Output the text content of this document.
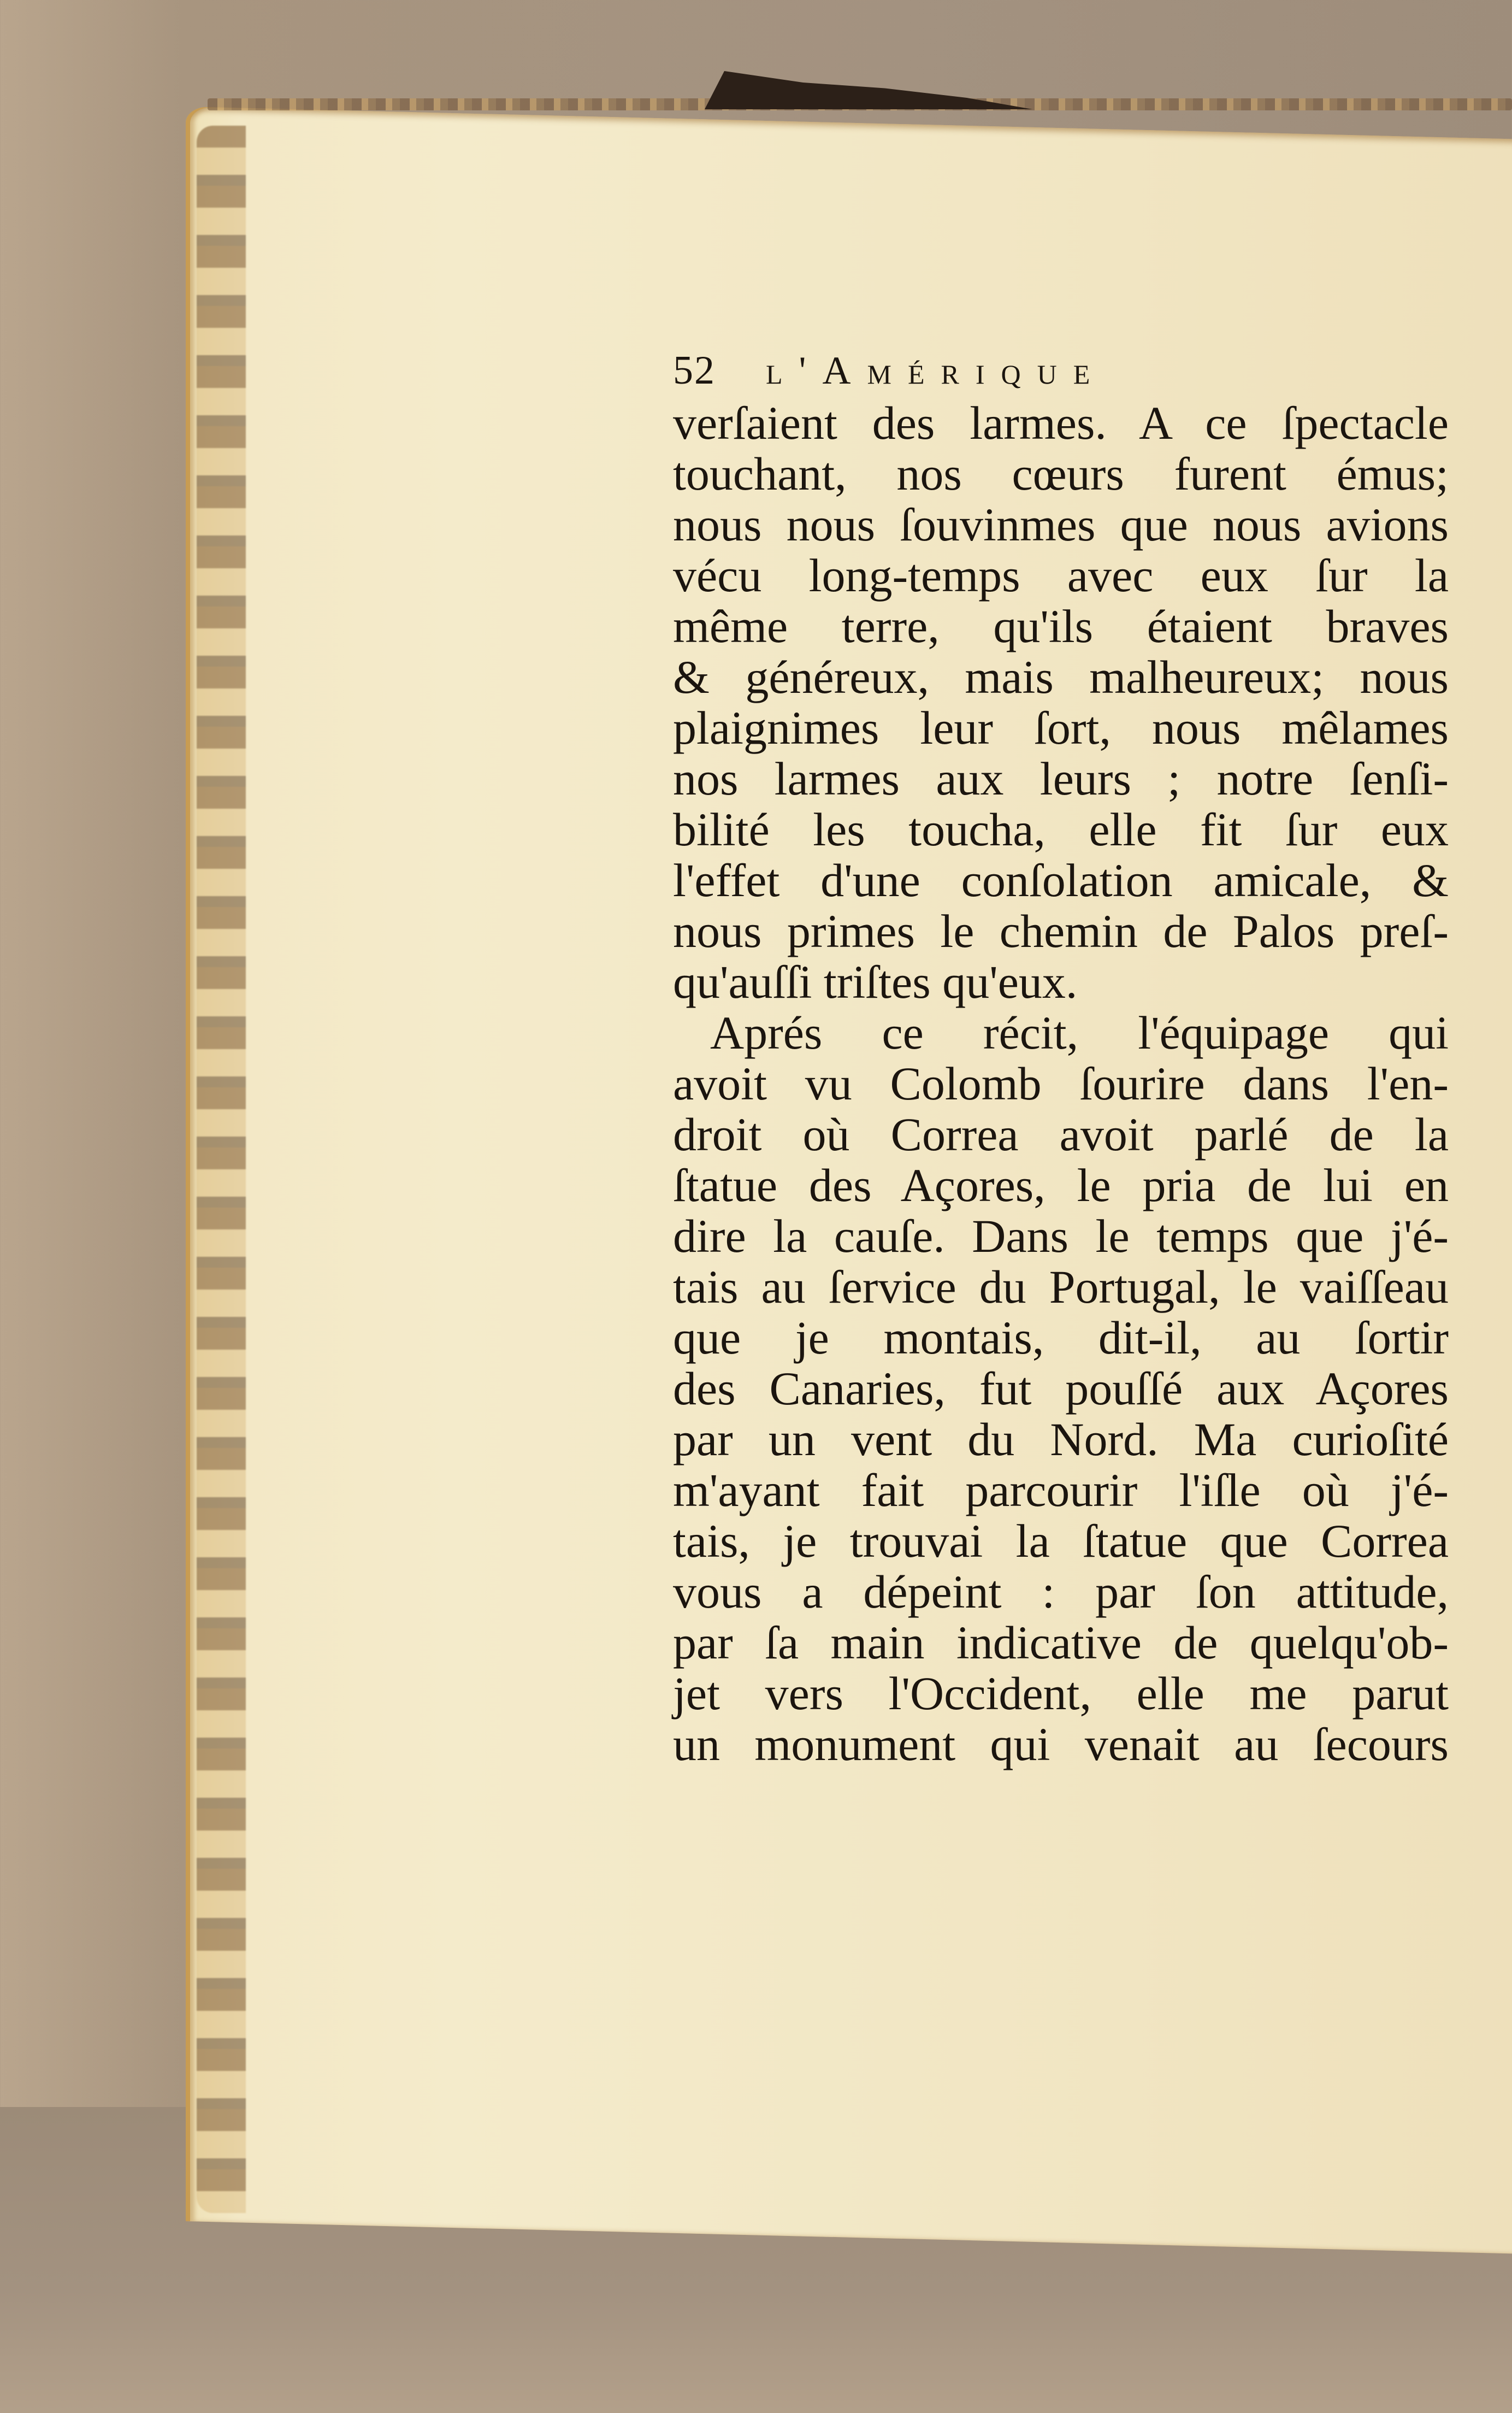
52	l'Amérique
verſaient des larmes. A ce ſpectacle
touchant, nos cœurs furent émus;
nous nous ſouvinmes que nous avions
vécu long-temps avec eux ſur la
même terre, qu'ils étaient braves
& généreux, mais malheureux; nous
plaignimes leur ſort, nous mêlames
nos larmes aux leurs ; notre ſenſi-
bilité les toucha, elle fit ſur eux
l'effet d'une conſolation amicale, &
nous primes le chemin de Palos preſ-
qu'auſſi triſtes qu'eux.
Aprés ce récit, l'équipage qui
avoit vu Colomb ſourire dans l'en-
droit où Correa avoit parlé de la
ſtatue des Açores, le pria de lui en
dire la cauſe. Dans le temps que j'é-
tais au ſervice du Portugal, le vaiſſeau
que je montais, dit-il, au ſortir
des Canaries, fut pouſſé aux Açores
par un vent du Nord. Ma curioſité
m'ayant fait parcourir l'iſle où j'é-
tais, je trouvai la ſtatue que Correa
vous a dépeint : par ſon attitude,
par ſa main indicative de quelqu'ob-
jet vers l'Occident, elle me parut
un monument qui venait au ſecours
